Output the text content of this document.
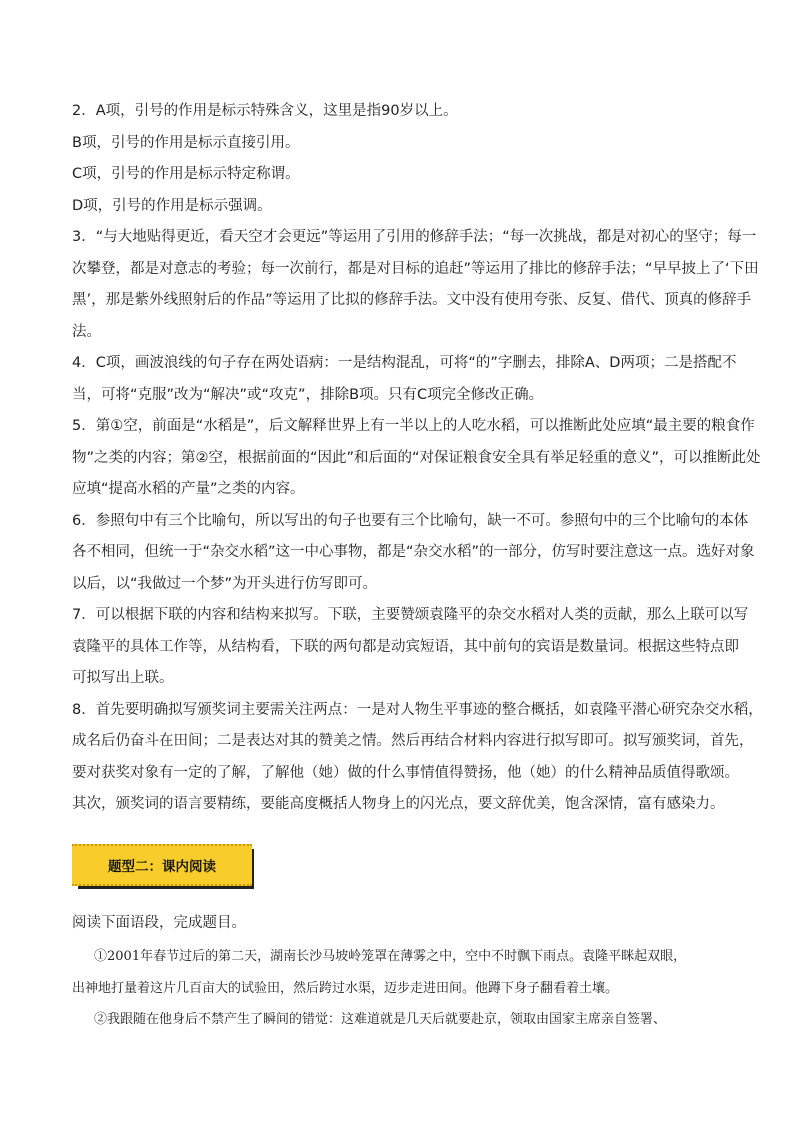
2．A项，引号的作用是标示特殊含义，这里是指90岁以上。

B项，引号的作用是标示直接引用。

C项，引号的作用是标示特定称谓。

D项，引号的作用是标示强调。

3．“与大地贴得更近，看天空才会更远”等运用了引用的修辞手法；“每一次挑战，都是对初心的坚守；每一

次攀登，都是对意志的考验；每一次前行，都是对目标的追赶”等运用了排比的修辞手法；“早早披上了‘下田

黑’，那是紫外线照射后的作品”等运用了比拟的修辞手法。文中没有使用夸张、反复、借代、顶真的修辞手

法。

4．C项，画波浪线的句子存在两处语病：一是结构混乱，可将“的”字删去，排除A、D两项；二是搭配不

当，可将“克服”改为“解决”或“攻克”，排除B项。只有C项完全修改正确。

5．第①空，前面是“水稻是”，后文解释世界上有一半以上的人吃水稻，可以推断此处应填“最主要的粮食作

物”之类的内容；第②空，根据前面的“因此”和后面的“对保证粮食安全具有举足轻重的意义”，可以推断此处

应填“提高水稻的产量”之类的内容。

6．参照句中有三个比喻句，所以写出的句子也要有三个比喻句，缺一不可。参照句中的三个比喻句的本体

各不相同，但统一于“杂交水稻”这一中心事物，都是“杂交水稻”的一部分，仿写时要注意这一点。选好对象

以后，以“我做过一个梦”为开头进行仿写即可。

7．可以根据下联的内容和结构来拟写。下联，主要赞颂袁隆平的杂交水稻对人类的贡献，那么上联可以写

袁隆平的具体工作等，从结构看，下联的两句都是动宾短语，其中前句的宾语是数量词。根据这些特点即

可拟写出上联。

8．首先要明确拟写颁奖词主要需关注两点：一是对人物生平事迹的整合概括，如袁隆平潜心研究杂交水稻，

成名后仍奋斗在田间；二是表达对其的赞美之情。然后再结合材料内容进行拟写即可。拟写颁奖词，首先，

要对获奖对象有一定的了解，了解他（她）做的什么事情值得赞扬，他（她）的什么精神品质值得歌颂。

其次，颁奖词的语言要精练，要能高度概括人物身上的闪光点，要文辞优美，饱含深情，富有感染力。

题型二：课内阅读
阅读下面语段，完成题目。

①2001年春节过后的第二天，湖南长沙马坡岭笼罩在薄雾之中，空中不时飘下雨点。袁隆平眯起双眼，

出神地打量着这片几百亩大的试验田，然后跨过水渠，迈步走进田间。他蹲下身子翻看着土壤。

②我跟随在他身后不禁产生了瞬间的错觉：这难道就是几天后就要赴京，领取由国家主席亲自签署、
